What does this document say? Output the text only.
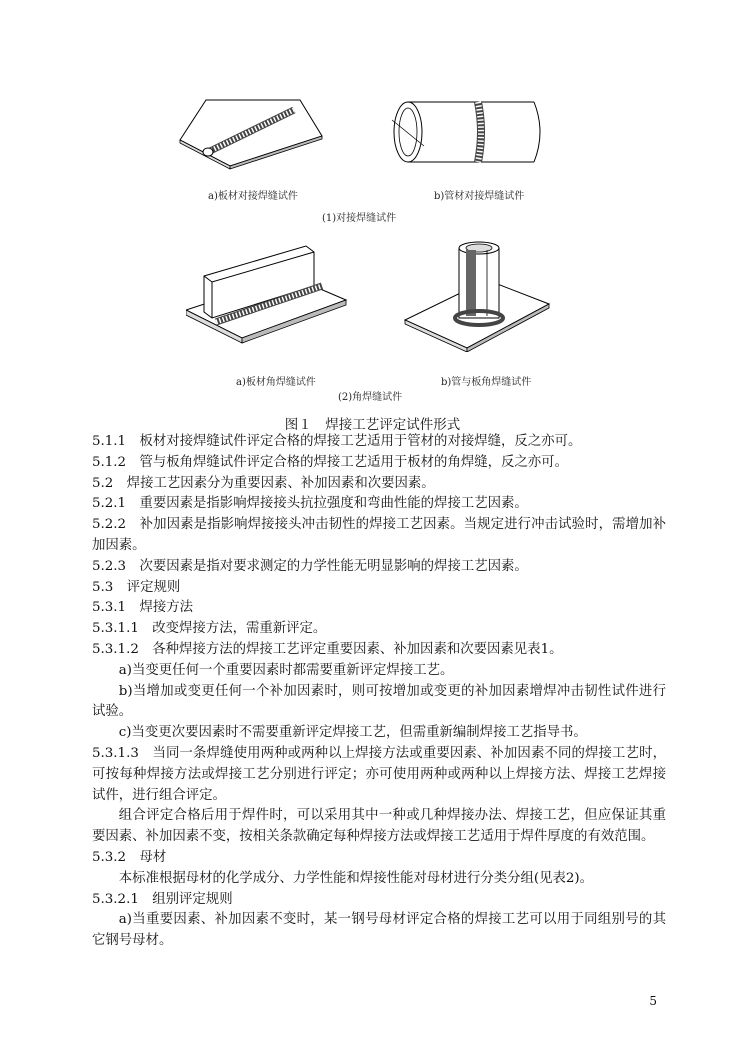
a)板材对接焊缝试件	b)管材对接焊缝试件
(1)对接焊缝试件
a)板材角焊缝试件	b)管与板角焊缝试件
(2)角焊缝试件
图１　焊接工艺评定试件形式

5.1.1　板材对接焊缝试件评定合格的焊接工艺适用于管材的对接焊缝，反之亦可。

5.1.2　管与板角焊缝试件评定合格的焊接工艺适用于板材的角焊缝，反之亦可。

5.2　焊接工艺因素分为重要因素、补加因素和次要因素。

5.2.1　重要因素是指影响焊接接头抗拉强度和弯曲性能的焊接工艺因素。

5.2.2　补加因素是指影响焊接接头冲击韧性的焊接工艺因素。当规定进行冲击试验时，需增加补加因素。

5.2.3　次要因素是指对要求测定的力学性能无明显影响的焊接工艺因素。

5.3　评定规则

5.3.1　焊接方法

5.3.1.1　改变焊接方法，需重新评定。

5.3.1.2　各种焊接方法的焊接工艺评定重要因素、补加因素和次要因素见表1。

a)当变更任何一个重要因素时都需要重新评定焊接工艺。

b)当增加或变更任何一个补加因素时，则可按增加或变更的补加因素增焊冲击韧性试件进行试验。

c)当变更次要因素时不需要重新评定焊接工艺，但需重新编制焊接工艺指导书。

5.3.1.3　当同一条焊缝使用两种或两种以上焊接方法或重要因素、补加因素不同的焊接工艺时，可按每种焊接方法或焊接工艺分别进行评定；亦可使用两种或两种以上焊接方法、焊接工艺焊接试件，进行组合评定。

组合评定合格后用于焊件时，可以采用其中一种或几种焊接办法、焊接工艺，但应保证其重要因素、补加因素不变，按相关条款确定每种焊接方法或焊接工艺适用于焊件厚度的有效范围。

5.3.2　母材

本标准根据母材的化学成分、力学性能和焊接性能对母材进行分类分组(见表2)。

5.3.2.1　组别评定规则

a)当重要因素、补加因素不变时，某一钢号母材评定合格的焊接工艺可以用于同组别号的其它钢号母材。

5
